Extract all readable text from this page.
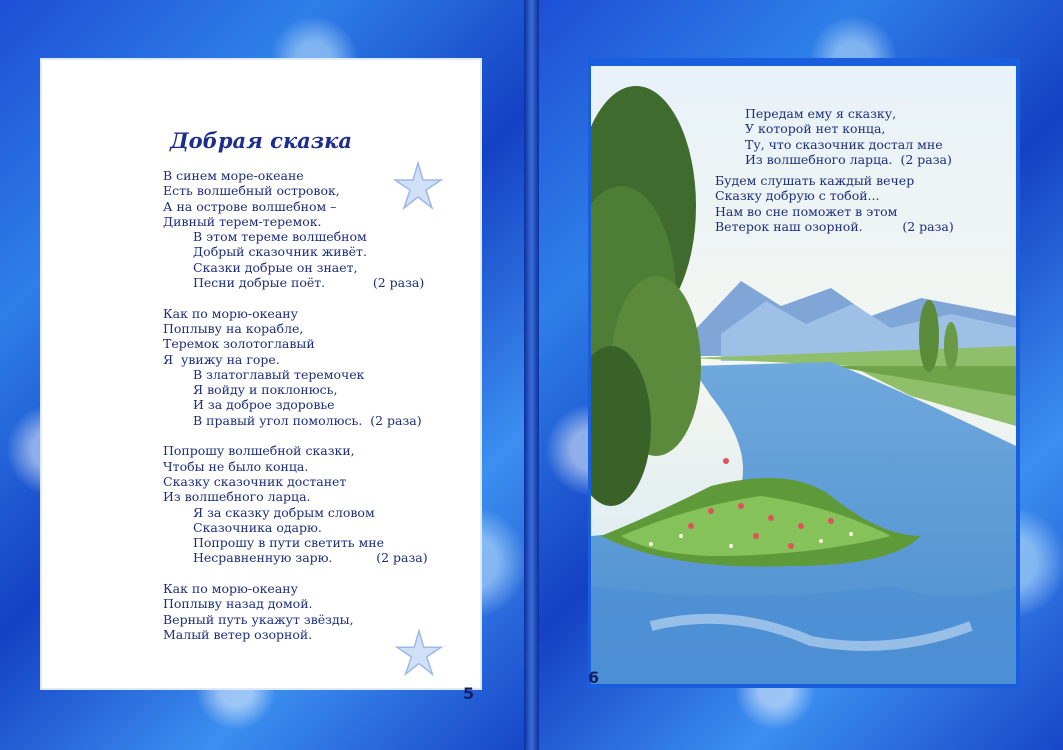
Добрая сказка
В синем море-океане
Есть волшебный островок,
А на острове волшебном –
Дивный терем-теремок.
В этом тереме волшебном
Добрый сказочник живёт.
Сказки добрые он знает,
Песни добрые поёт.            (2 раза)
Как по морю-океану
Поплыву на корабле,
Теремок золотоглавый
Я  увижу на горе.
В златоглавый теремочек
Я войду и поклонюсь,
И за доброе здоровье
В правый угол помолюсь.  (2 раза)
Попрошу волшебной сказки,
Чтобы не было конца.
Сказку сказочник достанет
Из волшебного ларца.
Я за сказку добрым словом
Сказочника одарю.
Попрошу в пути светить мне
Несравненную зарю.           (2 раза)
Как по морю-океану
Поплыву назад домой.
Верный путь укажут звёзды,
Малый ветер озорной.
5
Передам ему я сказку,
У которой нет конца,
Ту, что сказочник достал мне
Из волшебного ларца.  (2 раза)
Будем слушать каждый вечер
Сказку добрую с тобой...
Нам во сне поможет в этом
Ветерок наш озорной.          (2 раза)
6
